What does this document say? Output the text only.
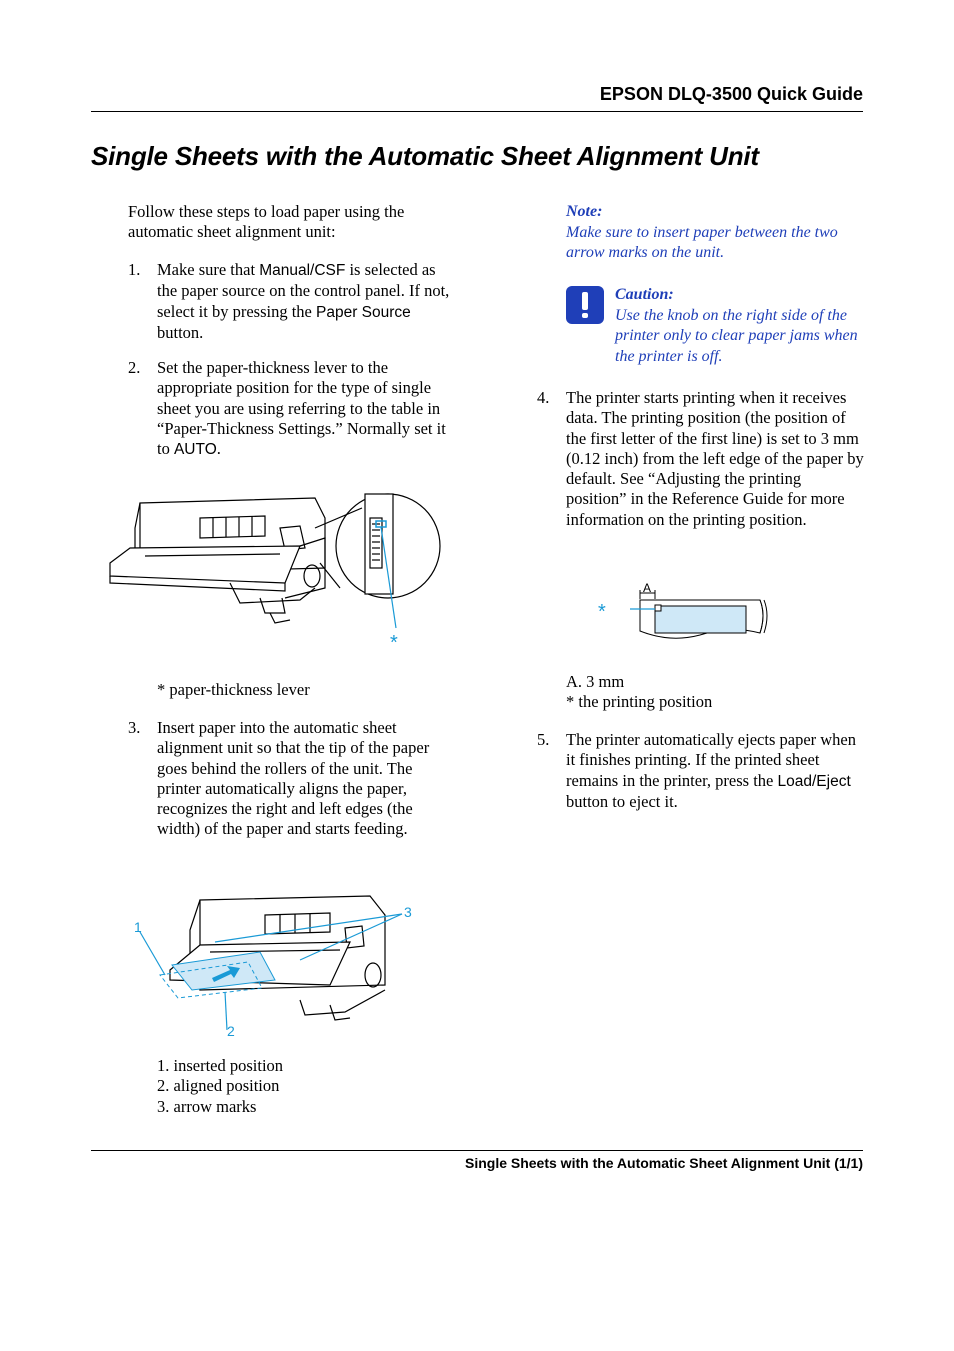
EPSON DLQ-3500 Quick Guide
Single Sheets with the Automatic Sheet Alignment Unit
Follow these steps to load paper using the automatic sheet alignment unit:
1. Make sure that Manual/CSF is selected as the paper source on the control panel. If not, select it by pressing the Paper Source button.
2. Set the paper-thickness lever to the appropriate position for the type of single sheet you are using referring to the table in “Paper-Thickness Settings.” Normally set it to AUTO.
*
* paper-thickness lever
3. Insert paper into the automatic sheet alignment unit so that the tip of the paper goes behind the rollers of the unit. The printer automatically aligns the paper, recognizes the right and left edges (the width) of the paper and starts feeding.
1
2
3
1. inserted position
2. aligned position
3. arrow marks
Note:
Make sure to insert paper between the two arrow marks on the unit.
Caution:
Use the knob on the right side of the printer only to clear paper jams when the printer is off.
4. The printer starts printing when it receives data. The printing position (the position of the first letter of the first line) is set to 3 mm (0.12 inch) from the left edge of the paper by default. See “Adjusting the printing position” in the Reference Guide for more information on the printing position.
A
*
A. 3 mm
* the printing position
5. The printer automatically ejects paper when it finishes printing. If the printed sheet remains in the printer, press the Load/Eject button to eject it.
Single Sheets with the Automatic Sheet Alignment Unit (1/1)
